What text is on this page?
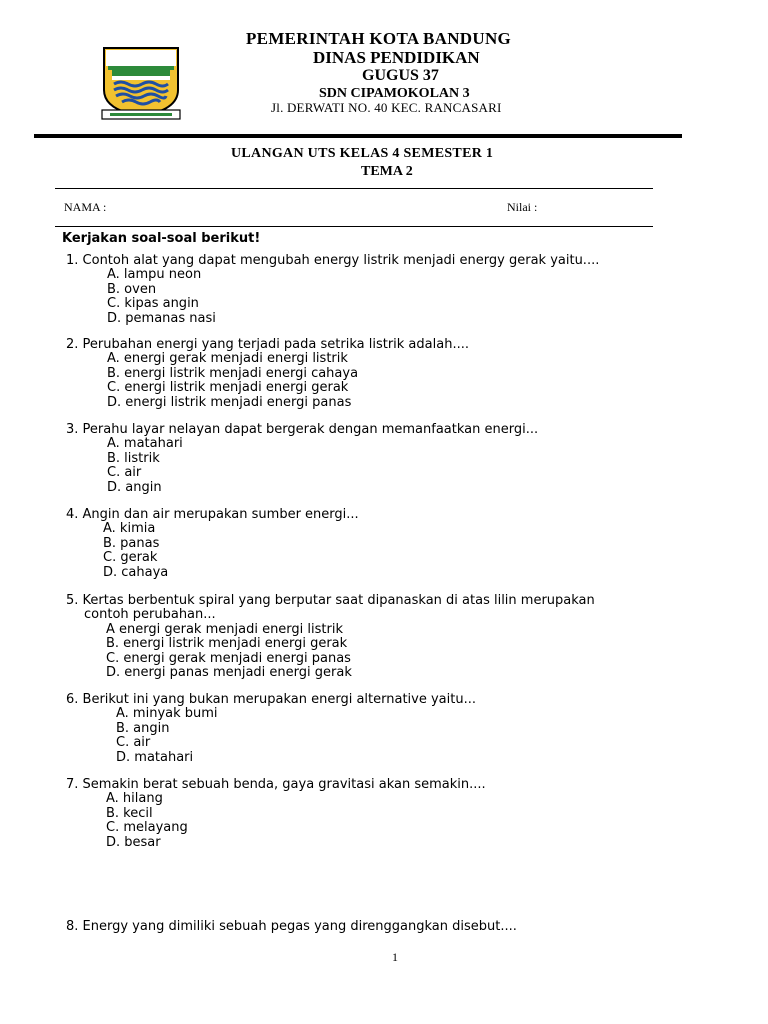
PEMERINTAH KOTA BANDUNG
DINAS PENDIDIKAN
GUGUS 37
SDN CIPAMOKOLAN 3
Jl. DERWATI NO. 40 KEC. RANCASARI
ULANGAN UTS KELAS 4 SEMESTER 1
TEMA 2
NAMA :	Nilai :
Kerjakan soal-soal berikut!
1. Contoh alat yang dapat mengubah energy listrik menjadi energy gerak yaitu....
A. lampu neon
B. oven
C. kipas angin
D. pemanas nasi
2. Perubahan energi yang terjadi pada setrika listrik adalah....
A. energi gerak menjadi energi listrik
B. energi listrik menjadi energi cahaya
C. energi listrik menjadi energi gerak
D. energi listrik menjadi energi panas
3. Perahu layar nelayan dapat bergerak dengan memanfaatkan energi...
A. matahari
B. listrik
C. air
D. angin
4. Angin dan air merupakan sumber energi...
A. kimia
B. panas
C. gerak
D. cahaya
5. Kertas berbentuk spiral yang berputar saat dipanaskan di atas lilin merupakan
contoh perubahan...
A energi gerak menjadi energi listrik
B. energi listrik menjadi energi gerak
C. energi gerak menjadi energi panas
D. energi panas menjadi energi gerak
6. Berikut ini yang bukan merupakan energi alternative yaitu...
A. minyak bumi
B. angin
C. air
D. matahari
7. Semakin berat sebuah benda, gaya gravitasi akan semakin....
A. hilang
B. kecil
C. melayang
D. besar
8. Energy yang dimiliki sebuah pegas yang direnggangkan disebut....
1
